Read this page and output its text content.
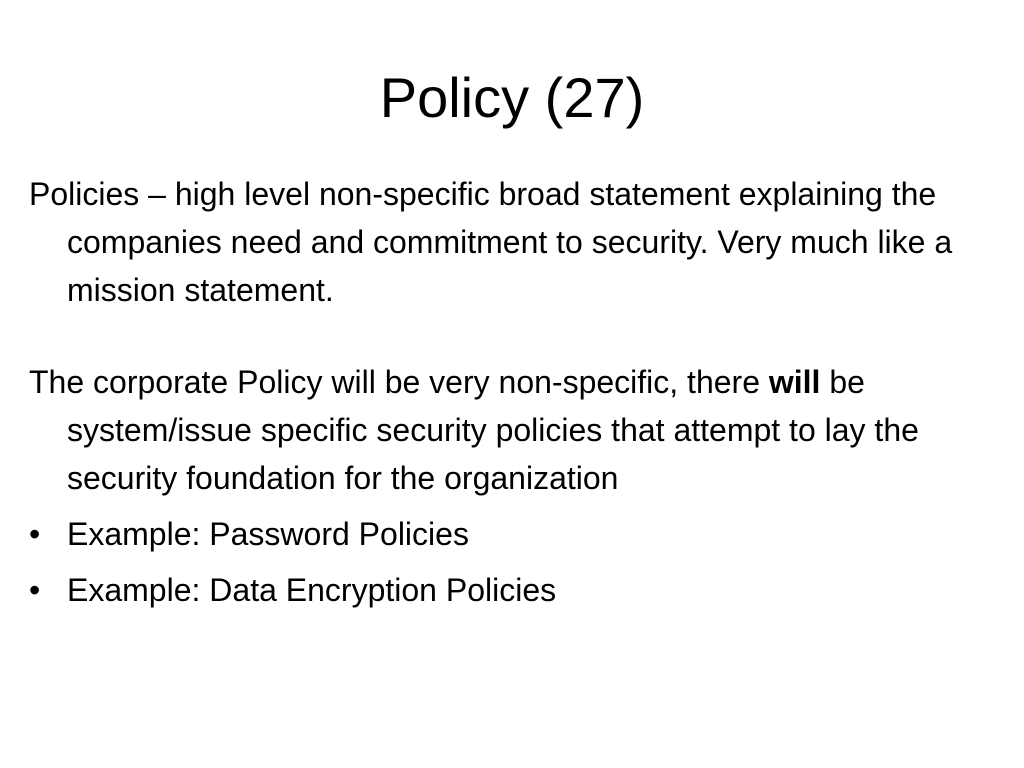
Policy (27)

Policies – high level non-specific broad statement explaining the companies need and commitment to security. Very much like a mission statement.

The corporate Policy will be very non-specific, there will be system/issue specific security policies that attempt to lay the security foundation for the organization

• Example: Password Policies
• Example: Data Encryption Policies
